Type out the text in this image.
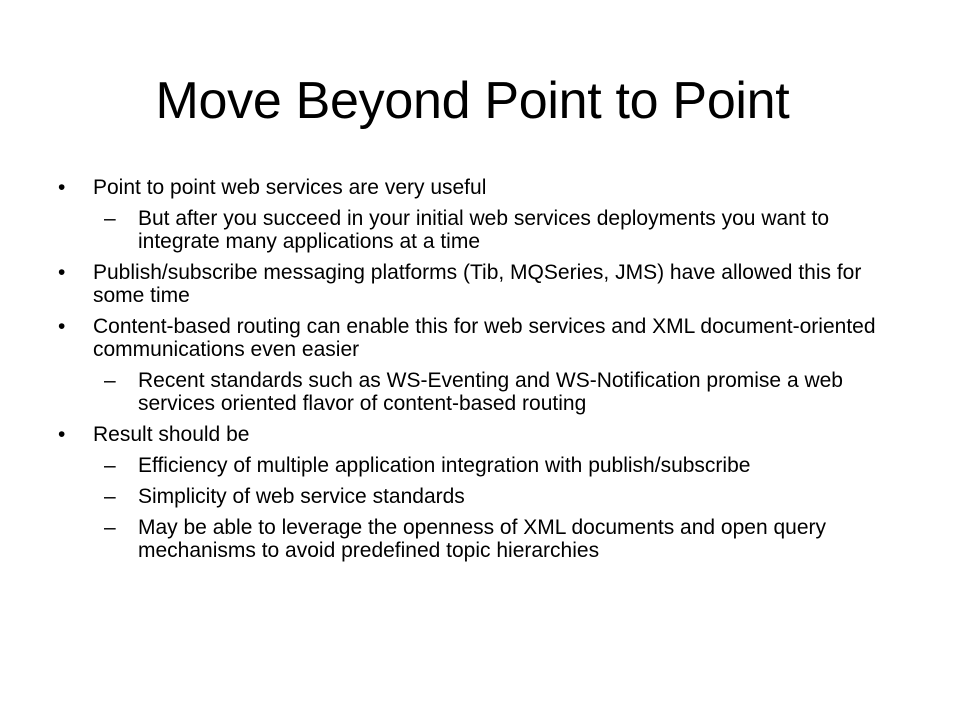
Move Beyond Point to Point
• Point to point web services are very useful
– But after you succeed in your initial web services deployments you want to integrate many applications at a time
• Publish/subscribe messaging platforms (Tib, MQSeries, JMS) have allowed this for some time
• Content-based routing can enable this for web services and XML document-oriented communications even easier
– Recent standards such as WS-Eventing and WS-Notification promise a web services oriented flavor of content-based routing
• Result should be
– Efficiency of multiple application integration with publish/subscribe
– Simplicity of web service standards
– May be able to leverage the openness of XML documents and open query mechanisms to avoid predefined topic hierarchies
